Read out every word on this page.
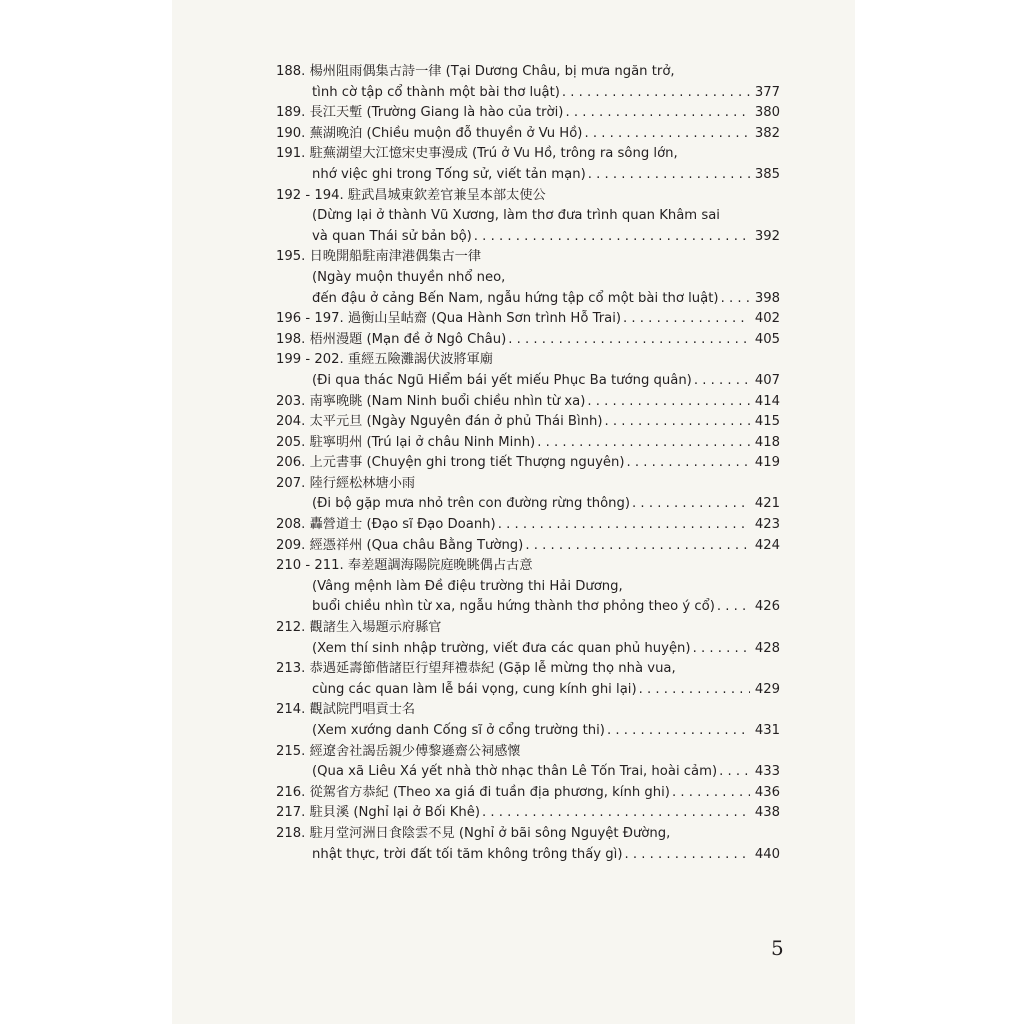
188.
楊州阻雨偶集古詩一律 (Tại Dương Châu, bị mưa ngăn trở,
tình cờ tập cổ thành một bài thơ luật) . . .	377
189.
長江天塹 (Trường Giang là hào của trời) . . .	380
190.
蕪湖晚泊 (Chiều muộn đỗ thuyền ở Vu Hồ) . . .	382
191.
駐蕪湖望大江憶宋史事漫成 (Trú ở Vu Hồ, trông ra sông lớn,
nhớ việc ghi trong Tống sử, viết tản mạn) . . .	385
192 - 194.
駐武昌城東欽差官兼呈本部太使公
(Dừng lại ở thành Vũ Xương, làm thơ đưa trình quan Khâm sai
và quan Thái sử bản bộ) . . .	392
195.
日晚開船駐南津港偶集古一律
(Ngày muộn thuyền nhổ neo,
đến đậu ở cảng Bến Nam, ngẫu hứng tập cổ một bài thơ luật) . . .	398
196 - 197.
過衡山呈岵齋 (Qua Hành Sơn trình Hỗ Trai) . . .	402
198.
梧州漫題 (Mạn đề ở Ngô Châu) . . .	405
199 - 202.
重經五險灘謁伏波將軍廟
(Đi qua thác Ngũ Hiểm bái yết miếu Phục Ba tướng quân) . . .	407
203.
南寧晚眺 (Nam Ninh buổi chiều nhìn từ xa) . . .	414
204.
太平元旦 (Ngày Nguyên đán ở phủ Thái Bình) . . .	415
205.
駐寧明州 (Trú lại ở châu Ninh Minh) . . .	418
206.
上元書事 (Chuyện ghi trong tiết Thượng nguyên) . . .	419
207.
陸行經松林塘小雨
(Đi bộ gặp mưa nhỏ trên con đường rừng thông) . . .	421
208.
轟營道士 (Đạo sĩ Đạo Doanh) . . .	423
209.
經憑祥州 (Qua châu Bằng Tường) . . .	424
210 - 211.
奉差題調海陽院庭晚眺偶占古意
(Vâng mệnh làm Đề điệu trường thi Hải Dương,
buổi chiều nhìn từ xa, ngẫu hứng thành thơ phỏng theo ý cổ) . . .	426
212.
觀諸生入場題示府縣官
(Xem thí sinh nhập trường, viết đưa các quan phủ huyện) . . .	428
213.
恭遇延壽節偕諸臣行望拜禮恭紀 (Gặp lễ mừng thọ nhà vua,
cùng các quan làm lễ bái vọng, cung kính ghi lại) . . .	429
214.
觀試院門唱貢士名
(Xem xướng danh Cống sĩ ở cổng trường thi) . . .	431
215.
經遼舍社謁岳親少傅黎遜齋公祠感懷
(Qua xã Liêu Xá yết nhà thờ nhạc thân Lê Tốn Trai, hoài cảm) . . .	433
216.
從駕省方恭紀 (Theo xa giá đi tuần địa phương, kính ghi) . . .	436
217.
駐貝溪 (Nghỉ lại ở Bối Khê) . . .	438
218.
駐月堂河洲日食陰雲不見 (Nghỉ ở bãi sông Nguyệt Đường,
nhật thực, trời đất tối tăm không trông thấy gì) . . .	440
5
